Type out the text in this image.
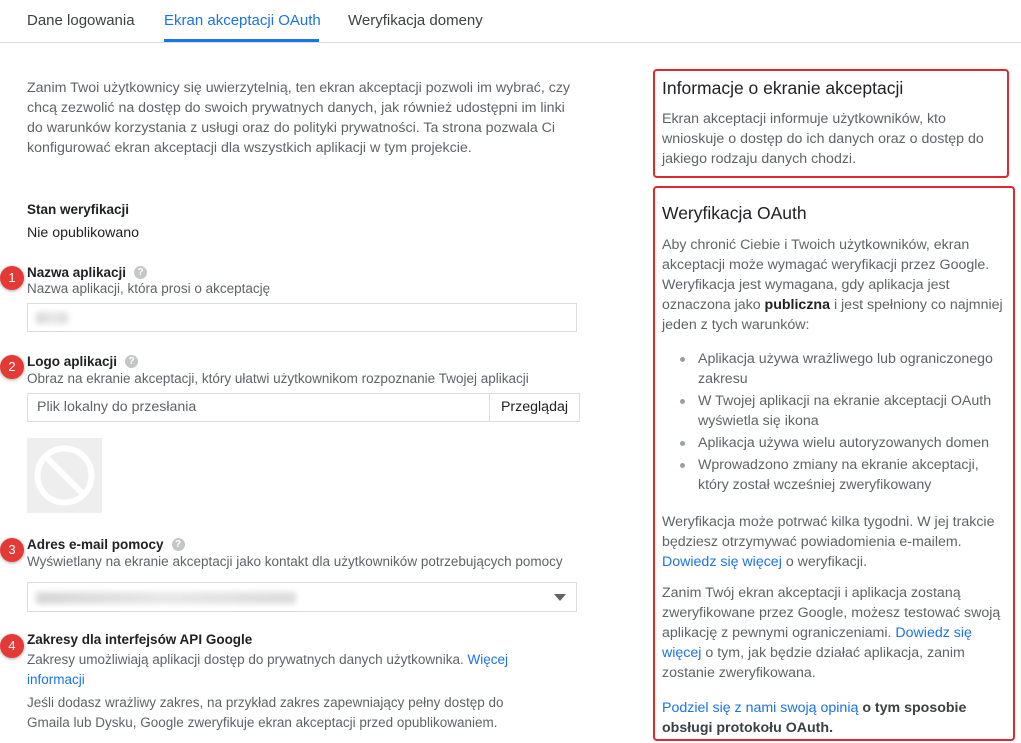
Dane logowania Ekran akceptacji OAuth Weryfikacja domeny

Zanim Twoi użytkownicy się uwierzytelnią, ten ekran akceptacji pozwoli im wybrać, czy chcą zezwolić na dostęp do swoich prywatnych danych, jak również udostępni im linki do warunków korzystania z usługi oraz do polityki prywatności. Ta strona pozwala Ci konfigurować ekran akceptacji dla wszystkich aplikacji w tym projekcie.

Stan weryfikacji
Nie opublikowano
1 Nazwa aplikacji ?
Nazwa aplikacji, która prosi o akceptację
2 Logo aplikacji ?
Obraz na ekranie akceptacji, który ułatwi użytkownikom rozpoznanie Twojej aplikacji
Plik lokalny do przesłania	Przeglądaj
3 Adres e-mail pomocy ?
Wyświetlany na ekranie akceptacji jako kontakt dla użytkowników potrzebujących pomocy
4 Zakresy dla interfejsów API Google
Zakresy umożliwiają aplikacji dostęp do prywatnych danych użytkownika. Więcej informacji
Jeśli dodasz wrażliwy zakres, na przykład zakres zapewniający pełny dostęp do Gmaila lub Dysku, Google zweryfikuje ekran akceptacji przed opublikowaniem.
Informacje o ekranie akceptacji
Ekran akceptacji informuje użytkowników, kto wnioskuje o dostęp do ich danych oraz o dostęp do jakiego rodzaju danych chodzi.
Weryfikacja OAuth
Aby chronić Ciebie i Twoich użytkowników, ekran akceptacji może wymagać weryfikacji przez Google. Weryfikacja jest wymagana, gdy aplikacja jest oznaczona jako publiczna i jest spełniony co najmniej jeden z tych warunków:
Aplikacja używa wrażliwego lub ograniczonego zakresu
W Twojej aplikacji na ekranie akceptacji OAuth wyświetla się ikona
Aplikacja używa wielu autoryzowanych domen
Wprowadzono zmiany na ekranie akceptacji, który został wcześniej zweryfikowany
Weryfikacja może potrwać kilka tygodni. W jej trakcie będziesz otrzymywać powiadomienia e-mailem. Dowiedz się więcej o weryfikacji.
Zanim Twój ekran akceptacji i aplikacja zostaną zweryfikowane przez Google, możesz testować swoją aplikację z pewnymi ograniczeniami. Dowiedz się więcej o tym, jak będzie działać aplikacja, zanim zostanie zweryfikowana.
Podziel się z nami swoją opinią o tym sposobie obsługi protokołu OAuth.
